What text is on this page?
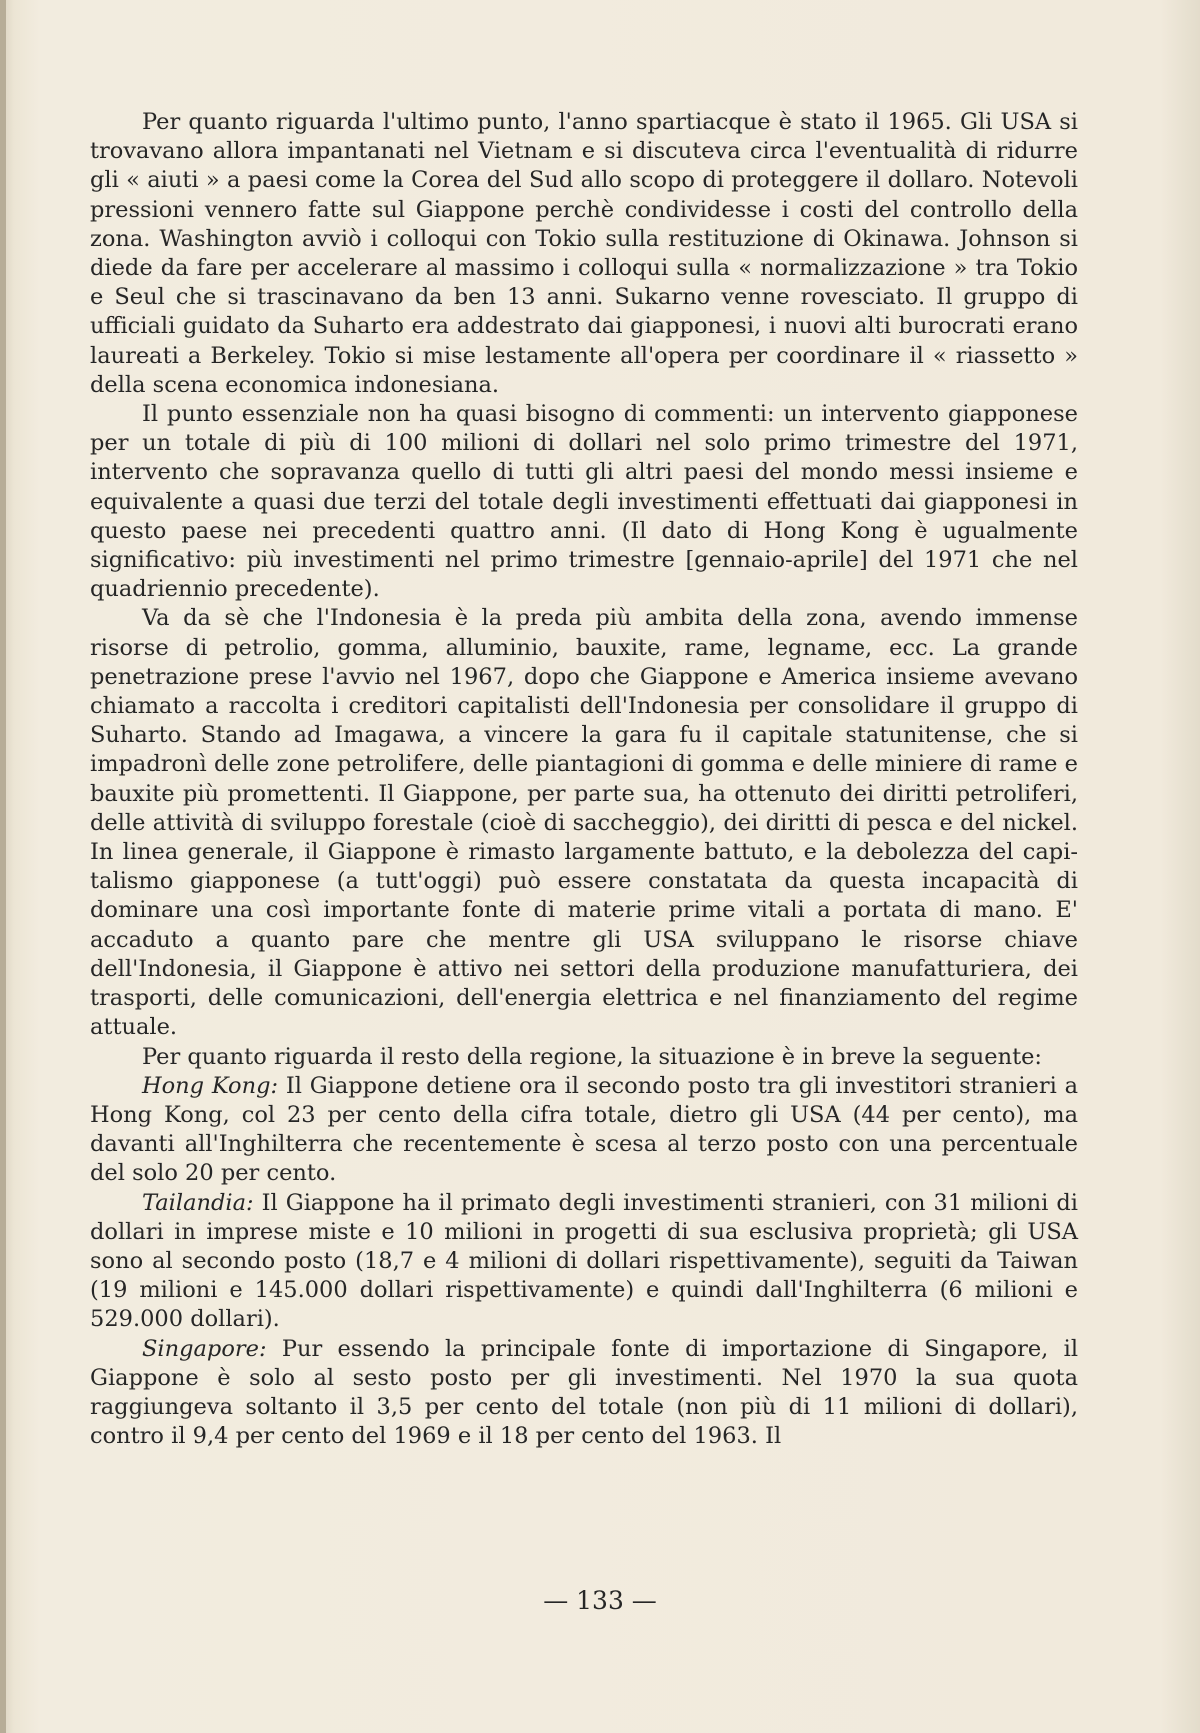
Per quanto riguarda l'ultimo punto, l'anno spartiacque è stato il 1965. Gli USA si trovavano allora impantanati nel Vietnam e si discuteva circa l'eventualità di ridurre gli « aiuti » a paesi come la Corea del Sud allo scopo di proteggere il dollaro. Notevoli pressioni vennero fatte sul Giappone perchè condividesse i costi del controllo della zona. Washington avviò i colloqui con Tokio sulla restituzione di Okinawa. Johnson si diede da fare per accelerare al massimo i colloqui sulla « normalizzazione » tra Tokio e Seul che si trascinavano da ben 13 anni. Sukarno venne rovesciato. Il gruppo di ufficiali guidato da Suharto era addestrato dai giapponesi, i nuovi alti burocrati erano laureati a Berkeley. Tokio si mise lestamente all'opera per coordinare il « riassetto » della scena economica indonesiana.

Il punto essenziale non ha quasi bisogno di commenti: un intervento giapponese per un totale di più di 100 milioni di dollari nel solo primo trimestre del 1971, intervento che sopravanza quello di tutti gli altri paesi del mondo messi insieme e equivalente a quasi due terzi del totale degli investimenti effettuati dai giapponesi in questo paese nei precedenti quattro anni. (Il dato di Hong Kong è ugualmente significativo: più investimenti nel primo trimestre [gennaio-aprile] del 1971 che nel quadriennio precedente).

Va da sè che l'Indonesia è la preda più ambita della zona, avendo immense risorse di petrolio, gomma, alluminio, bauxite, rame, legname, ecc. La grande penetrazione prese l'avvio nel 1967, dopo che Giappone e America insieme avevano chiamato a raccolta i creditori capitalisti dell'Indonesia per consolidare il gruppo di Suharto. Stando ad Imagawa, a vincere la gara fu il capitale statunitense, che si impadronì delle zone petrolifere, delle piantagioni di gomma e delle miniere di rame e bauxite più promettenti. Il Giappone, per parte sua, ha ottenuto dei diritti petroliferi, delle attività di sviluppo forestale (cioè di saccheggio), dei diritti di pesca e del nickel. In linea generale, il Giappone è rimasto largamente battuto, e la debolezza del capitalismo giapponese (a tutt'oggi) può essere constatata da questa incapacità di dominare una così importante fonte di materie prime vitali a portata di mano. E' accaduto a quanto pare che mentre gli USA sviluppano le risorse chiave dell'Indonesia, il Giappone è attivo nei settori della produzione manufatturiera, dei trasporti, delle comunicazioni, dell'energia elettrica e nel finanziamento del regime attuale.

Per quanto riguarda il resto della regione, la situazione è in breve la seguente:

Hong Kong: Il Giappone detiene ora il secondo posto tra gli investitori stranieri a Hong Kong, col 23 per cento della cifra totale, dietro gli USA (44 per cento), ma davanti all'Inghilterra che recentemente è scesa al terzo posto con una percentuale del solo 20 per cento.

Tailandia: Il Giappone ha il primato degli investimenti stranieri, con 31 milioni di dollari in imprese miste e 10 milioni in progetti di sua esclusiva proprietà; gli USA sono al secondo posto (18,7 e 4 milioni di dollari rispettivamente), seguiti da Taiwan (19 milioni e 145.000 dollari rispettivamente) e quindi dall'Inghilterra (6 milioni e 529.000 dollari).

Singapore: Pur essendo la principale fonte di importazione di Singapore, il Giappone è solo al sesto posto per gli investimenti. Nel 1970 la sua quota raggiungeva soltanto il 3,5 per cento del totale (non più di 11 milioni di dollari), contro il 9,4 per cento del 1969 e il 18 per cento del 1963. Il

— 133 —
